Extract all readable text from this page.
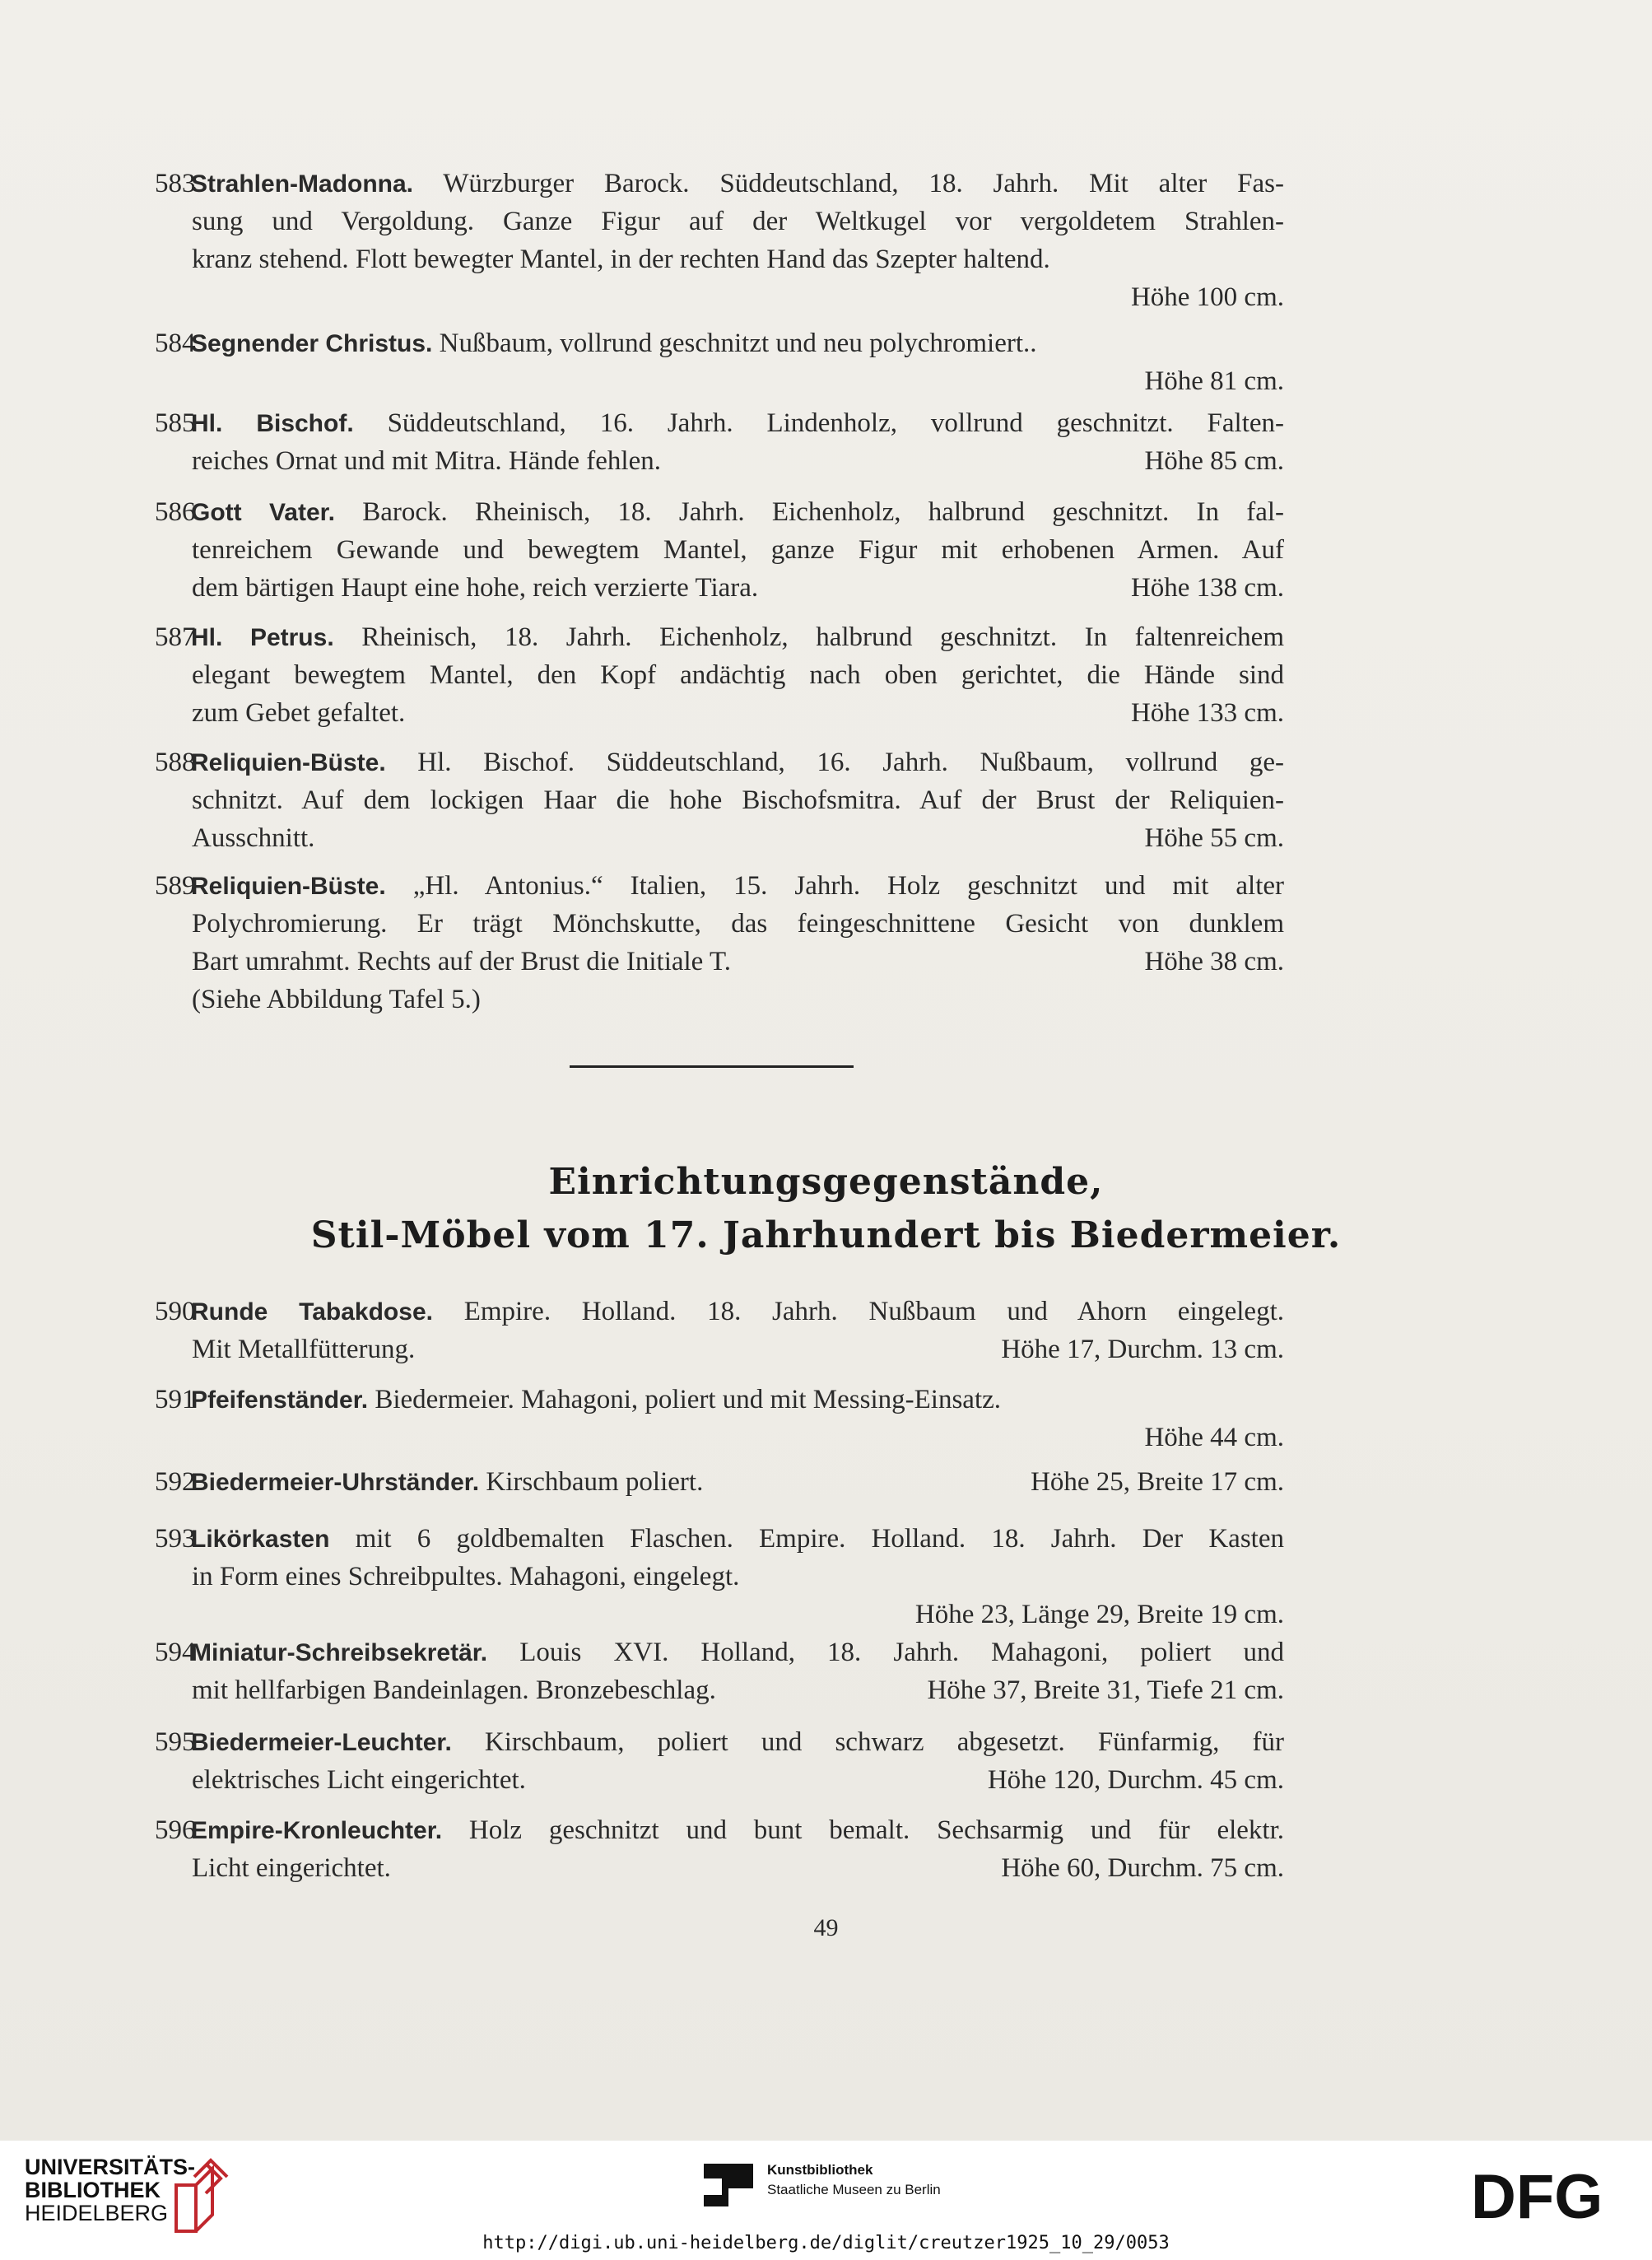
583Strahlen-Madonna. Würzburger Barock. Süddeutschland, 18. Jahrh. Mit alter Fas-
sung und Vergoldung. Ganze Figur auf der Weltkugel vor vergoldetem Strahlen-
kranz stehend. Flott bewegter Mantel, in der rechten Hand das Szepter haltend.
Höhe 100 cm.
584Segnender Christus. Nußbaum, vollrund geschnitzt und neu polychromiert..
Höhe 81 cm.
585Hl. Bischof. Süddeutschland, 16. Jahrh. Lindenholz, vollrund geschnitzt. Falten-
reiches Ornat und mit Mitra. Hände fehlen.	Höhe 85 cm.
586Gott Vater. Barock. Rheinisch, 18. Jahrh. Eichenholz, halbrund geschnitzt. In fal-
tenreichem Gewande und bewegtem Mantel, ganze Figur mit erhobenen Armen. Auf
dem bärtigen Haupt eine hohe, reich verzierte Tiara.	Höhe 138 cm.
587Hl. Petrus. Rheinisch, 18. Jahrh. Eichenholz, halbrund geschnitzt. In faltenreichem
elegant bewegtem Mantel, den Kopf andächtig nach oben gerichtet, die Hände sind
zum Gebet gefaltet.	Höhe 133 cm.
588Reliquien-Büste. Hl. Bischof. Süddeutschland, 16. Jahrh. Nußbaum, vollrund ge-
schnitzt. Auf dem lockigen Haar die hohe Bischofsmitra. Auf der Brust der Reliquien-
Ausschnitt.	Höhe 55 cm.
589Reliquien-Büste. „Hl. Antonius.“ Italien, 15. Jahrh. Holz geschnitzt und mit alter
Polychromierung. Er trägt Mönchskutte, das feingeschnittene Gesicht von dunklem
Bart umrahmt. Rechts auf der Brust die Initiale T.	Höhe 38 cm.
(Siehe Abbildung Tafel 5.)
Einrichtungsgegenstände,
Stil-Möbel vom 17. Jahrhundert bis Biedermeier.
590Runde Tabakdose. Empire. Holland. 18. Jahrh. Nußbaum und Ahorn eingelegt.
Mit Metallfütterung.	Höhe 17, Durchm. 13 cm.
591Pfeifenständer. Biedermeier. Mahagoni, poliert und mit Messing-Einsatz.
Höhe 44 cm.
592Biedermeier-Uhrständer. Kirschbaum poliert.	Höhe 25, Breite 17 cm.
593Likörkasten mit 6 goldbemalten Flaschen. Empire. Holland. 18. Jahrh. Der Kasten
in Form eines Schreibpultes. Mahagoni, eingelegt.
Höhe 23, Länge 29, Breite 19 cm.
594Miniatur-Schreibsekretär. Louis XVI. Holland, 18. Jahrh. Mahagoni, poliert und
mit hellfarbigen Bandeinlagen. Bronzebeschlag.	Höhe 37, Breite 31, Tiefe 21 cm.
595Biedermeier-Leuchter. Kirschbaum, poliert und schwarz abgesetzt. Fünfarmig, für
elektrisches Licht eingerichtet.	Höhe 120, Durchm. 45 cm.
596Empire-Kronleuchter. Holz geschnitzt und bunt bemalt. Sechsarmig und für elektr.
Licht eingerichtet.	Höhe 60, Durchm. 75 cm.
49
UNIVERSITÄTS-
BIBLIOTHEK
HEIDELBERG
Kunstbibliothek
Staatliche Museen zu Berlin	DFG
http://digi.ub.uni-heidelberg.de/diglit/creutzer1925_10_29/0053
